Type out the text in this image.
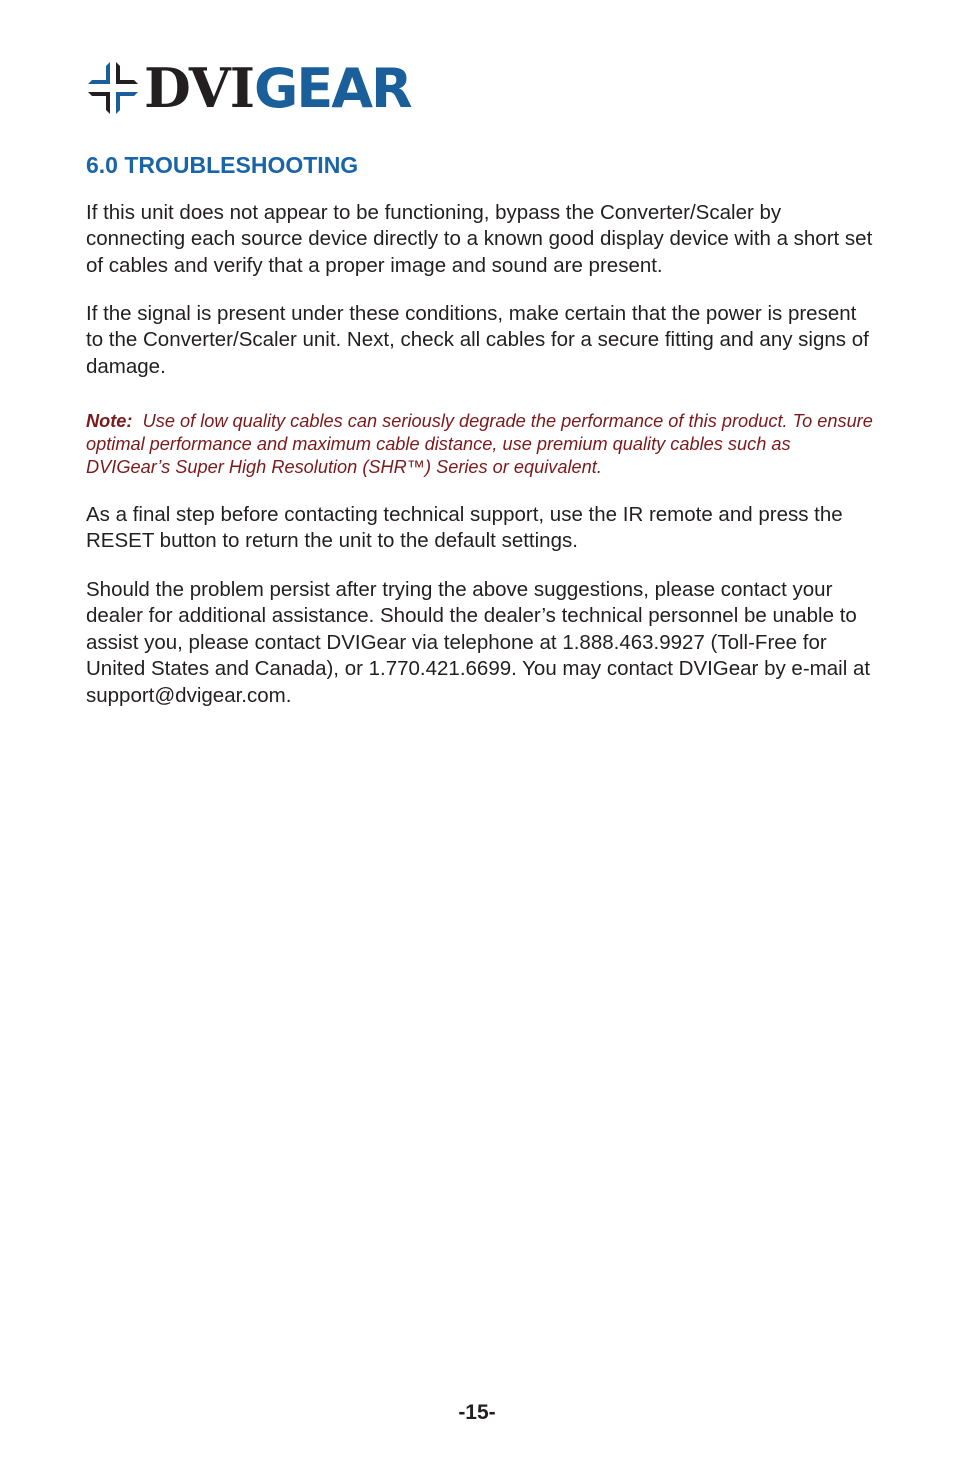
DVIGEAR
6.0 TROUBLESHOOTING

If this unit does not appear to be functioning, bypass the Converter/Scaler by connecting each source device directly to a known good display device with a short set of cables and verify that a proper image and sound are present.

If the signal is present under these conditions, make certain that the power is present to the Converter/Scaler unit. Next, check all cables for a secure fitting and any signs of damage.

Note: Use of low quality cables can seriously degrade the performance of this product. To ensure optimal performance and maximum cable distance, use premium quality cables such as DVIGear’s Super High Resolution (SHR™) Series or equivalent.

As a final step before contacting technical support, use the IR remote and press the RESET button to return the unit to the default settings.

Should the problem persist after trying the above suggestions, please contact your dealer for additional assistance. Should the dealer’s technical personnel be unable to assist you, please contact DVIGear via telephone at 1.888.463.9927 (Toll-Free for United States and Canada), or 1.770.421.6699. You may contact DVIGear by e-mail at support@dvigear.com.

-15-
